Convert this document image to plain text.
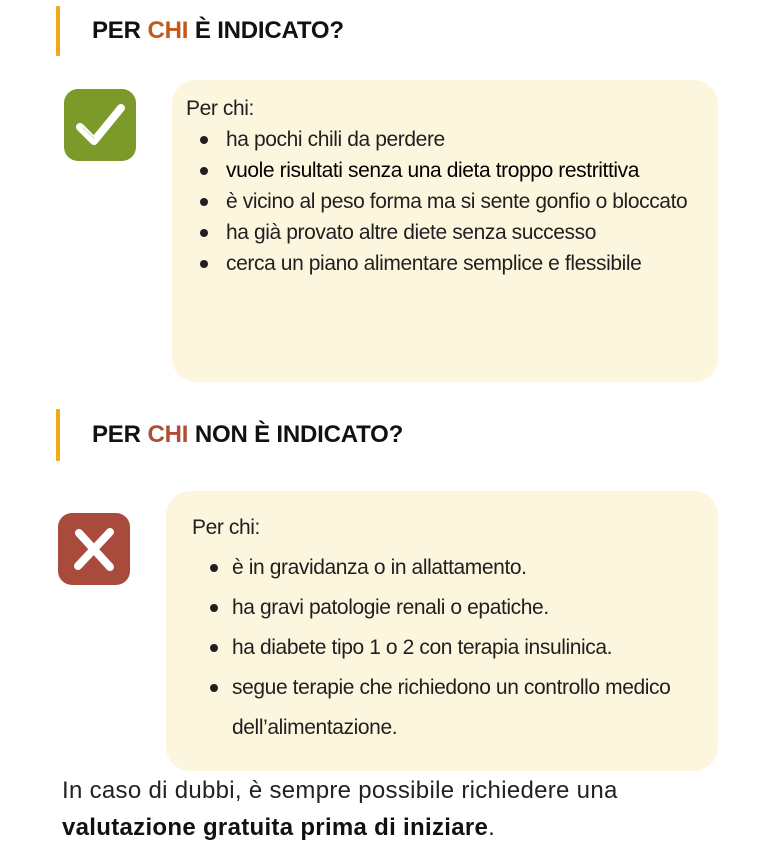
PER CHI È INDICATO?

Per chi:

ha pochi chili da perdere
vuole risultati senza una dieta troppo restrittiva
è vicino al peso forma ma si sente gonfio o bloccato
ha già provato altre diete senza successo
cerca un piano alimentare semplice e flessibile
PER CHI NON È INDICATO?

Per chi:

è in gravidanza o in allattamento.
ha gravi patologie renali o epatiche.
ha diabete tipo 1 o 2 con terapia insulinica.
segue terapie che richiedono un controllo medico dell’alimentazione.
In caso di dubbi, è sempre possibile richiedere una valutazione gratuita prima di iniziare.
